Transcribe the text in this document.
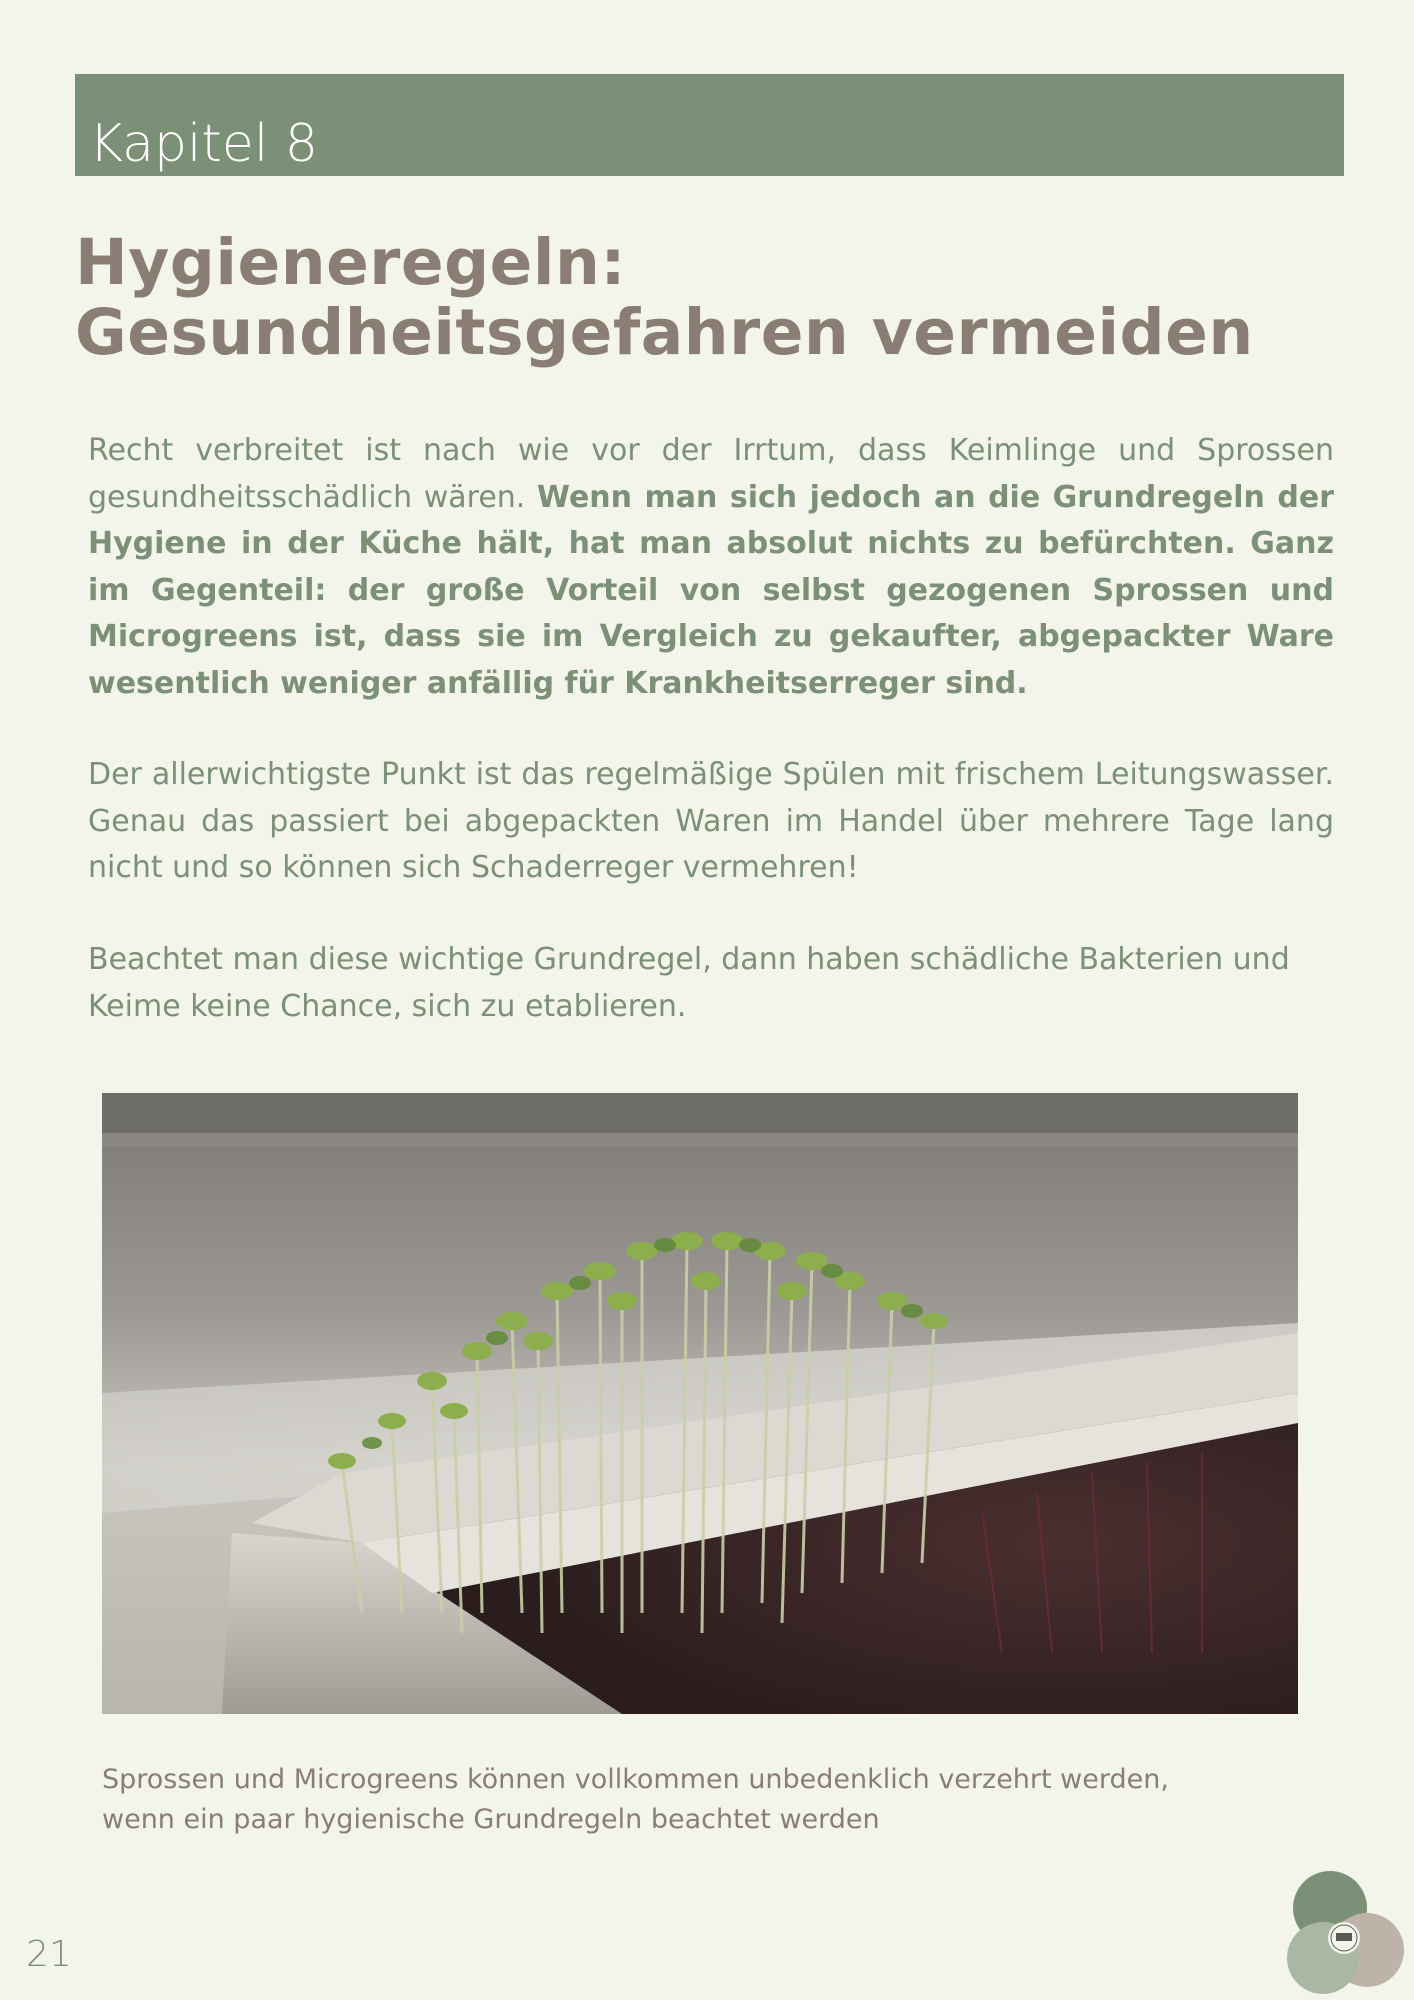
Kapitel 8

Hygieneregeln: Gesundheitsgefahren vermeiden

Recht verbreitet ist nach wie vor der Irrtum, dass Keimlinge und Sprossen gesundheitsschädlich wären. Wenn man sich jedoch an die Grundregeln der Hygiene in der Küche hält, hat man absolut nichts zu befürchten. Ganz im Gegenteil: der große Vorteil von selbst gezogenen Sprossen und Microgreens ist, dass sie im Vergleich zu gekaufter, abgepackter Ware wesentlich weniger anfällig für Krankheitserreger sind.

Der allerwichtigste Punkt ist das regelmäßige Spülen mit frischem Leitungswasser. Genau das passiert bei abgepackten Waren im Handel über mehrere Tage lang nicht und so können sich Schaderreger vermehren!

Beachtet man diese wichtige Grundregel, dann haben schädliche Bakterien und Keime keine Chance, sich zu etablieren.

Sprossen und Microgreens können vollkommen unbedenklich verzehrt werden,
wenn ein paar hygienische Grundregeln beachtet werden

21
